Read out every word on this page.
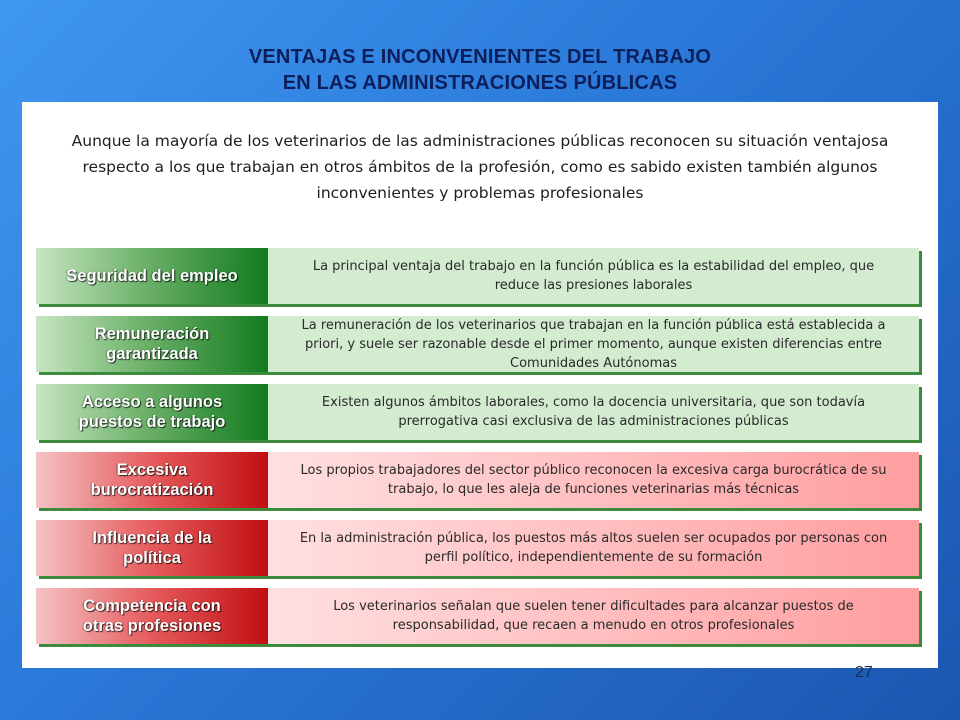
VENTAJAS E INCONVENIENTES DEL TRABAJO
EN LAS ADMINISTRACIONES PÚBLICAS
Aunque la mayoría de los veterinarios de las administraciones públicas reconocen su situación ventajosa respecto a los que trabajan en otros ámbitos de la profesión, como es sabido existen también algunos inconvenientes y problemas profesionales
Seguridad del empleo
La principal ventaja del trabajo en la función pública es la estabilidad del empleo, que reduce las presiones laborales
Remuneración garantizada
La remuneración de los veterinarios que trabajan en la función pública está establecida a priori, y suele ser razonable desde el primer momento, aunque existen diferencias entre Comunidades Autónomas
Acceso a algunos puestos de trabajo
Existen algunos ámbitos laborales, como la docencia universitaria, que son todavía prerrogativa casi exclusiva de las administraciones públicas
Excesiva burocratización
Los propios trabajadores del sector público reconocen la excesiva carga burocrática de su trabajo, lo que les aleja de funciones veterinarias más técnicas
Influencia de la política
En la administración pública, los puestos más altos suelen ser ocupados por personas con perfil político, independientemente de su formación
Competencia con otras profesiones
Los veterinarios señalan que suelen tener dificultades para alcanzar puestos de responsabilidad, que recaen a menudo en otros profesionales
27
